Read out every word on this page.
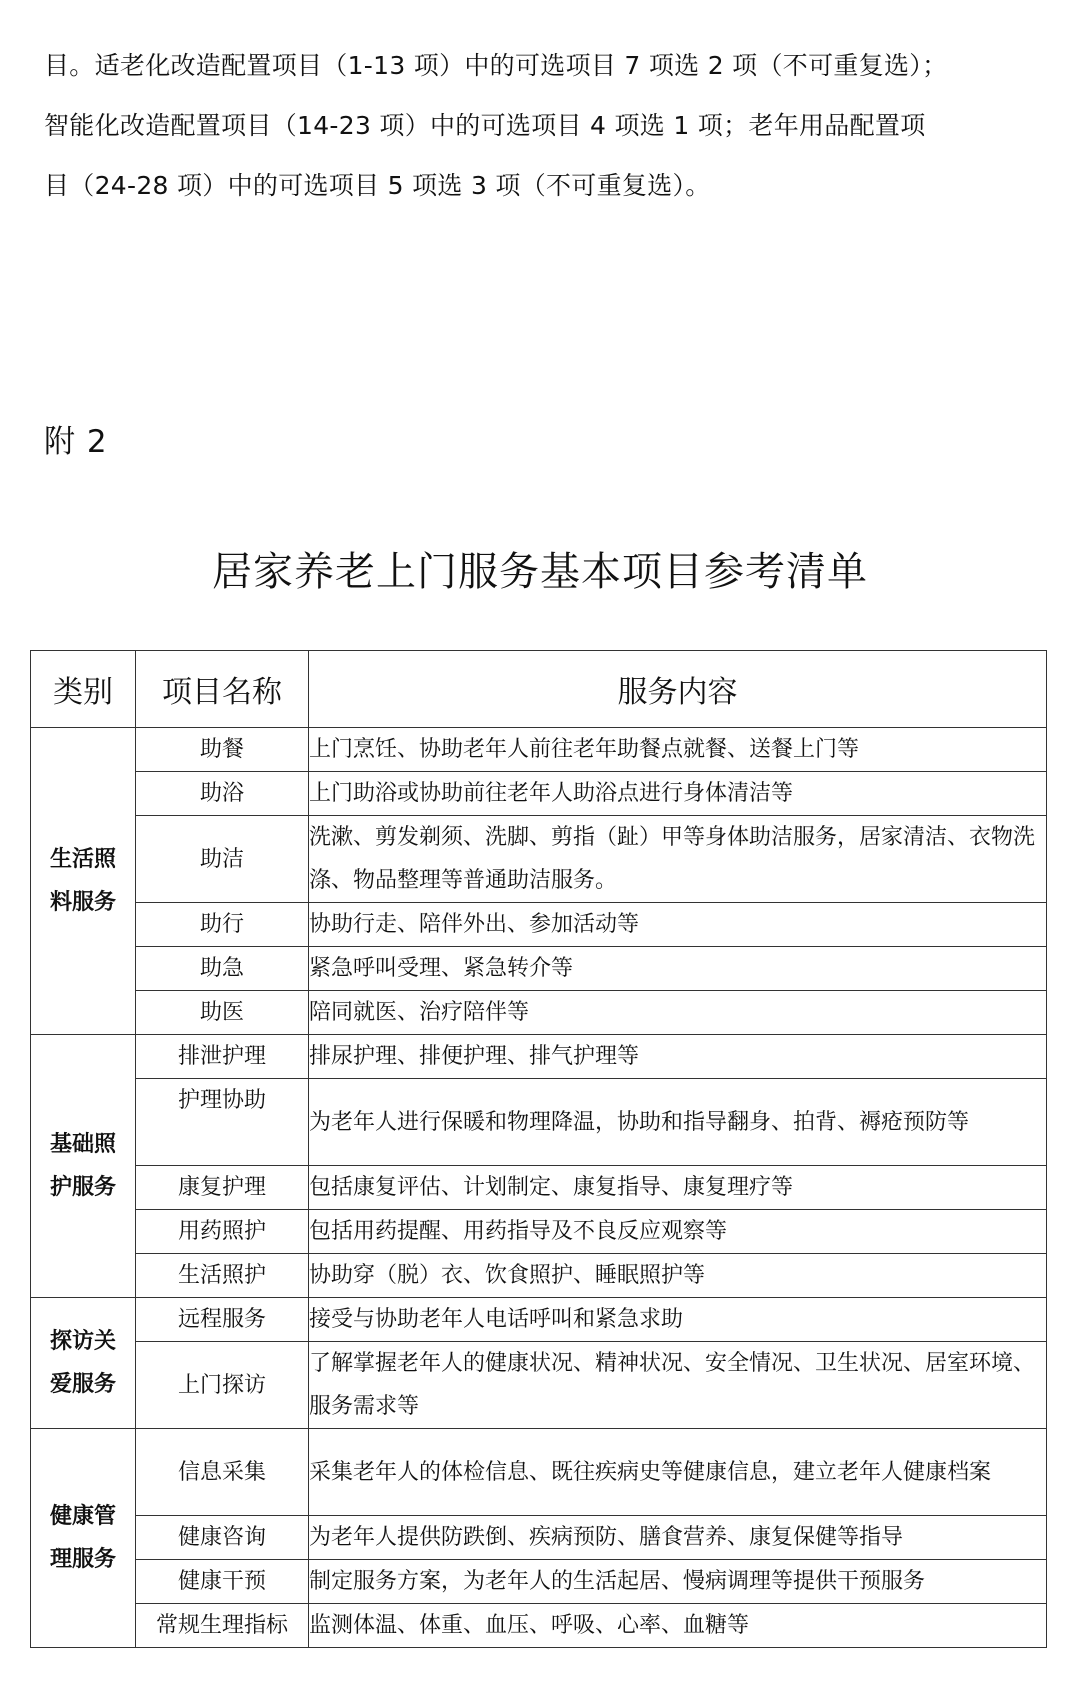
目。适老化改造配置项目（1-13 项）中的可选项目 7 项选 2 项（不可重复选）；

智能化改造配置项目（14-23 项）中的可选项目 4 项选 1 项；老年用品配置项

目（24-28 项）中的可选项目 5 项选 3 项（不可重复选）。

附 2
居家养老上门服务基本项目参考清单
类别	项目名称	服务内容

生活照
料服务	助餐	上门烹饪、协助老年人前往老年助餐点就餐、送餐上门等
	助浴	上门助浴或协助前往老年人助浴点进行身体清洁等
	助洁	洗漱、剪发剃须、洗脚、剪指（趾）甲等身体助洁服务，居家清洁、衣物洗涤、物品整理等普通助洁服务。
	助行	协助行走、陪伴外出、参加活动等
	助急	紧急呼叫受理、紧急转介等
	助医	陪同就医、治疗陪伴等

基础照
护服务	排泄护理	排尿护理、排便护理、排气护理等
	护理协助	为老年人进行保暖和物理降温，协助和指导翻身、拍背、褥疮预防等
	康复护理	包括康复评估、计划制定、康复指导、康复理疗等
	用药照护	包括用药提醒、用药指导及不良反应观察等
	生活照护	协助穿（脱）衣、饮食照护、睡眠照护等

探访关
爱服务	远程服务	接受与协助老年人电话呼叫和紧急求助
	上门探访	了解掌握老年人的健康状况、精神状况、安全情况、卫生状况、居室环境、服务需求等

健康管
理服务	信息采集	采集老年人的体检信息、既往疾病史等健康信息，建立老年人健康档案
	健康咨询	为老年人提供防跌倒、疾病预防、膳食营养、康复保健等指导
	健康干预	制定服务方案，为老年人的生活起居、慢病调理等提供干预服务
	常规生理指标	监测体温、体重、血压、呼吸、心率、血糖等
